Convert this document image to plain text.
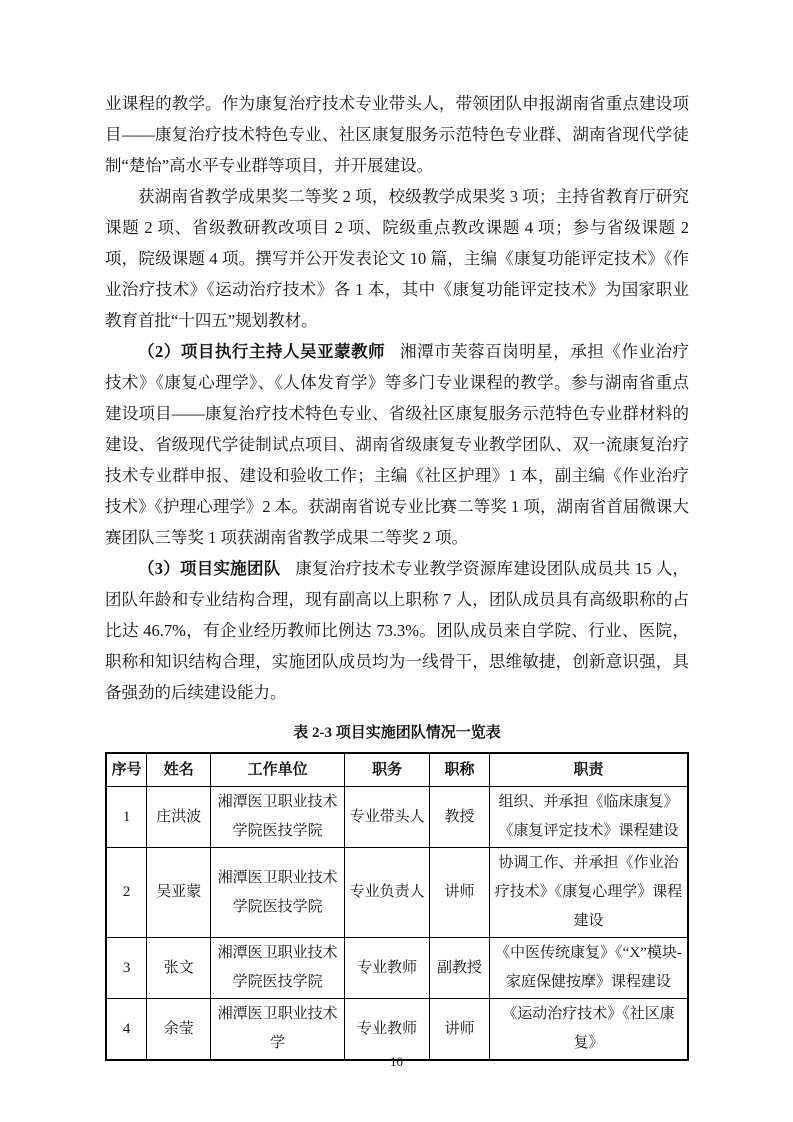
业课程的教学。作为康复治疗技术专业带头人，带领团队申报湖南省重点建设项目——康复治疗技术特色专业、社区康复服务示范特色专业群、湖南省现代学徒制“楚怡”高水平专业群等项目，并开展建设。

获湖南省教学成果奖二等奖 2 项，校级教学成果奖 3 项；主持省教育厅研究课题 2 项、省级教研教改项目 2 项、院级重点教改课题 4 项；参与省级课题 2 项，院级课题 4 项。撰写并公开发表论文 10 篇，主编《康复功能评定技术》《作业治疗技术》《运动治疗技术》各 1 本，其中《康复功能评定技术》为国家职业教育首批“十四五”规划教材。

（2）项目执行主持人吴亚蒙教师 湘潭市芙蓉百岗明星，承担《作业治疗技术》《康复心理学》、《人体发育学》等多门专业课程的教学。参与湖南省重点建设项目——康复治疗技术特色专业、省级社区康复服务示范特色专业群材料的建设、省级现代学徒制试点项目、湖南省级康复专业教学团队、双一流康复治疗技术专业群申报、建设和验收工作；主编《社区护理》1 本，副主编《作业治疗技术》《护理心理学》2 本。获湖南省说专业比赛二等奖 1 项，湖南省首届微课大赛团队三等奖 1 项获湖南省教学成果二等奖 2 项。

（3）项目实施团队 康复治疗技术专业教学资源库建设团队成员共 15 人，团队年龄和专业结构合理，现有副高以上职称 7 人，团队成员具有高级职称的占比达 46.7%，有企业经历教师比例达 73.3%。团队成员来自学院、行业、医院，职称和知识结构合理，实施团队成员均为一线骨干，思维敏捷，创新意识强，具备强劲的后续建设能力。

表 2-3 项目实施团队情况一览表
序号	姓名	工作单位	职务	职称	职责
1	庄洪波	湘潭医卫职业技术学院医技学院	专业带头人	教授	组织、并承担《临床康复》《康复评定技术》课程建设
2	吴亚蒙	湘潭医卫职业技术学院医技学院	专业负责人	讲师	协调工作、并承担《作业治疗技术》《康复心理学》课程建设
3	张文	湘潭医卫职业技术学院医技学院	专业教师	副教授	《中医传统康复》《“X”模块-家庭保健按摩》课程建设
4	余莹	湘潭医卫职业技术学	专业教师	讲师	《运动治疗技术》《社区康复》
10
